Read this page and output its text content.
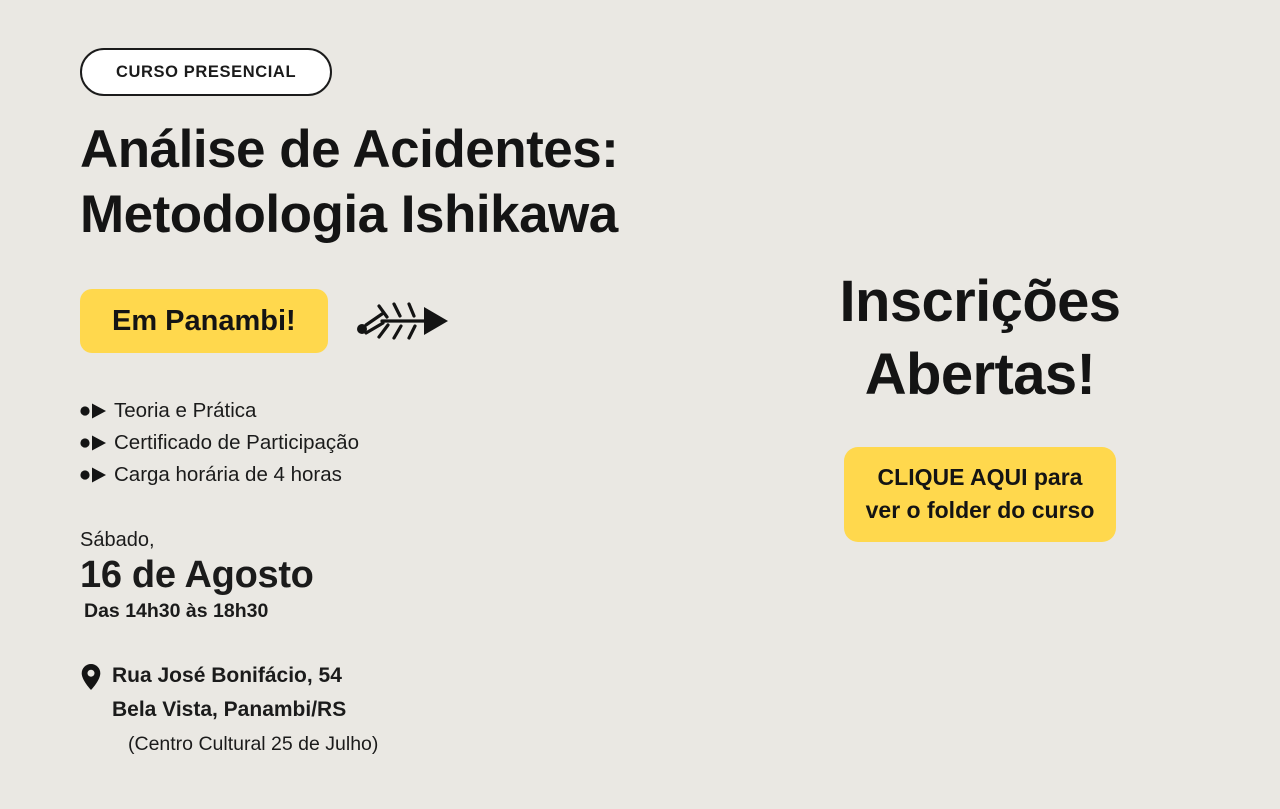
CURSO PRESENCIAL
Análise de Acidentes:
Metodologia Ishikawa
Em Panambi!
Teoria e Prática
Certificado de Participação
Carga horária de 4 horas
Sábado,
16 de Agosto
Das 14h30 às 18h30
Rua José Bonifácio, 54
Bela Vista, Panambi/RS
(Centro Cultural 25 de Julho)
Inscrições
Abertas!
CLIQUE AQUI para
ver o folder do curso
